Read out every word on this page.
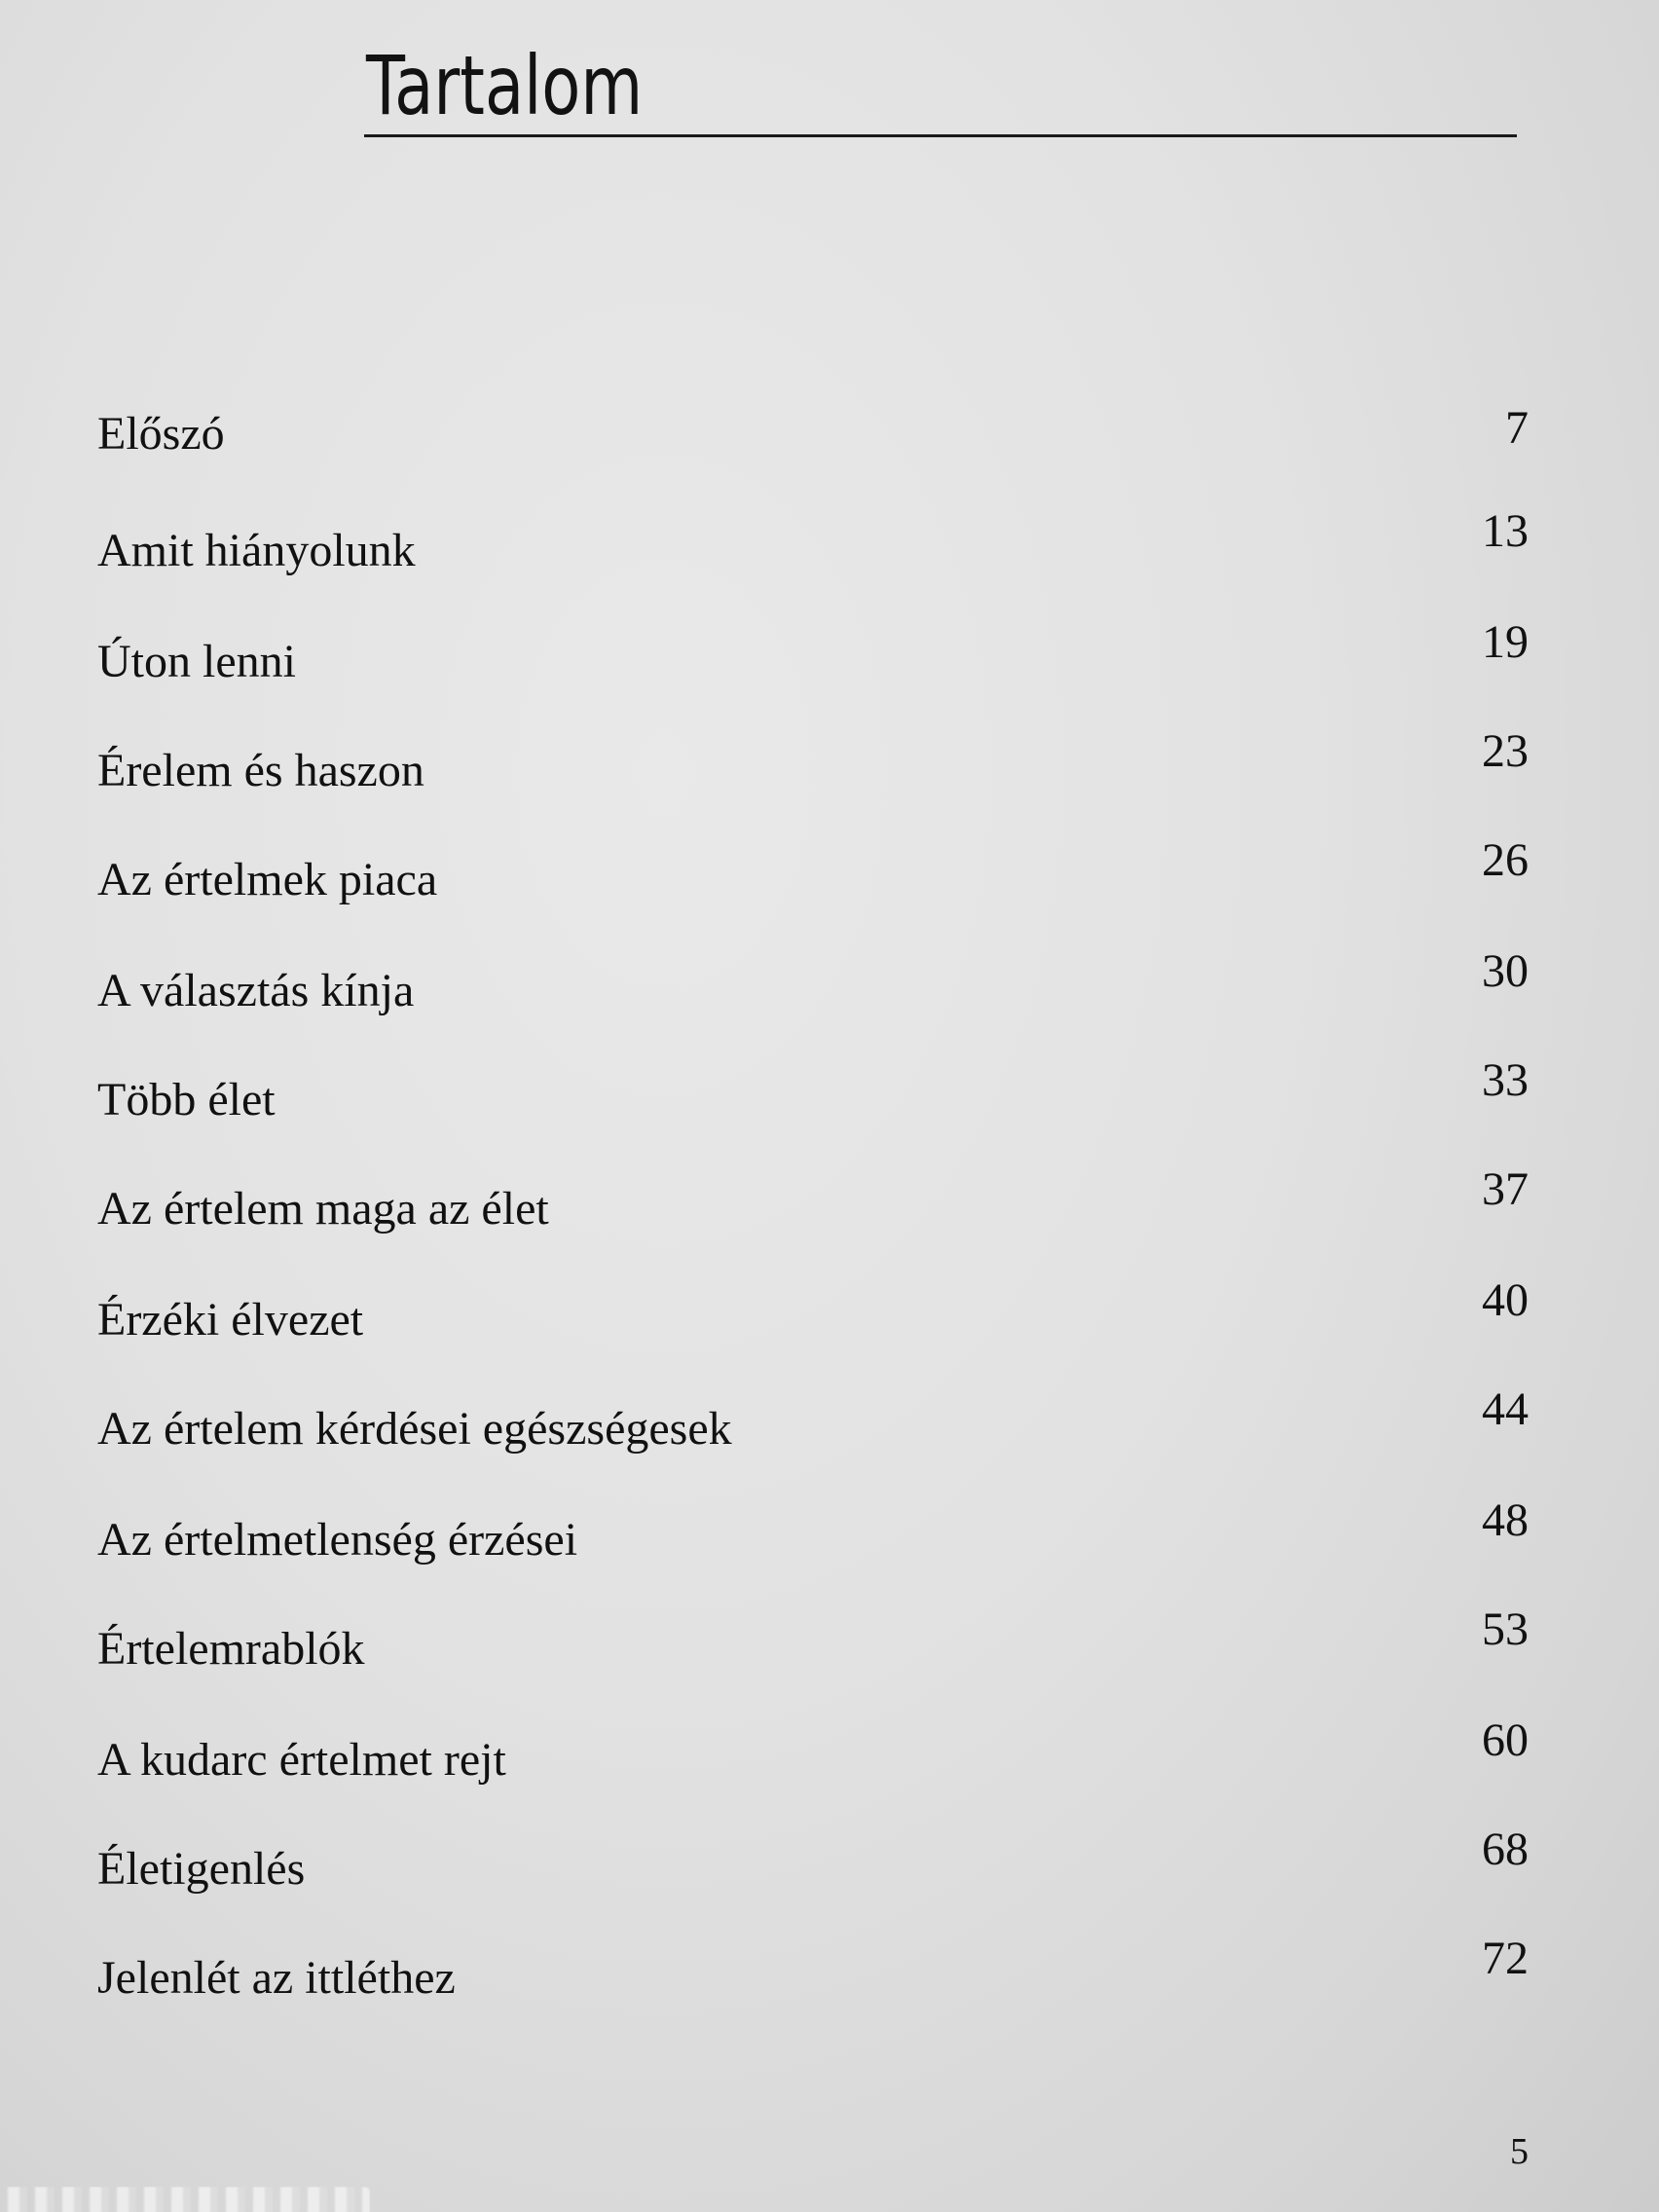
Tartalom
Előszó	7
Amit hiányolunk	13
Úton lenni	19
Érelem és haszon	23
Az értelmek piaca	26
A választás kínja	30
Több élet	33
Az értelem maga az élet	37
Érzéki élvezet	40
Az értelem kérdései egészségesek	44
Az értelmetlenség érzései	48
Értelemrablók	53
A kudarc értelmet rejt	60
Életigenlés	68
Jelenlét az ittléthez	72
5
